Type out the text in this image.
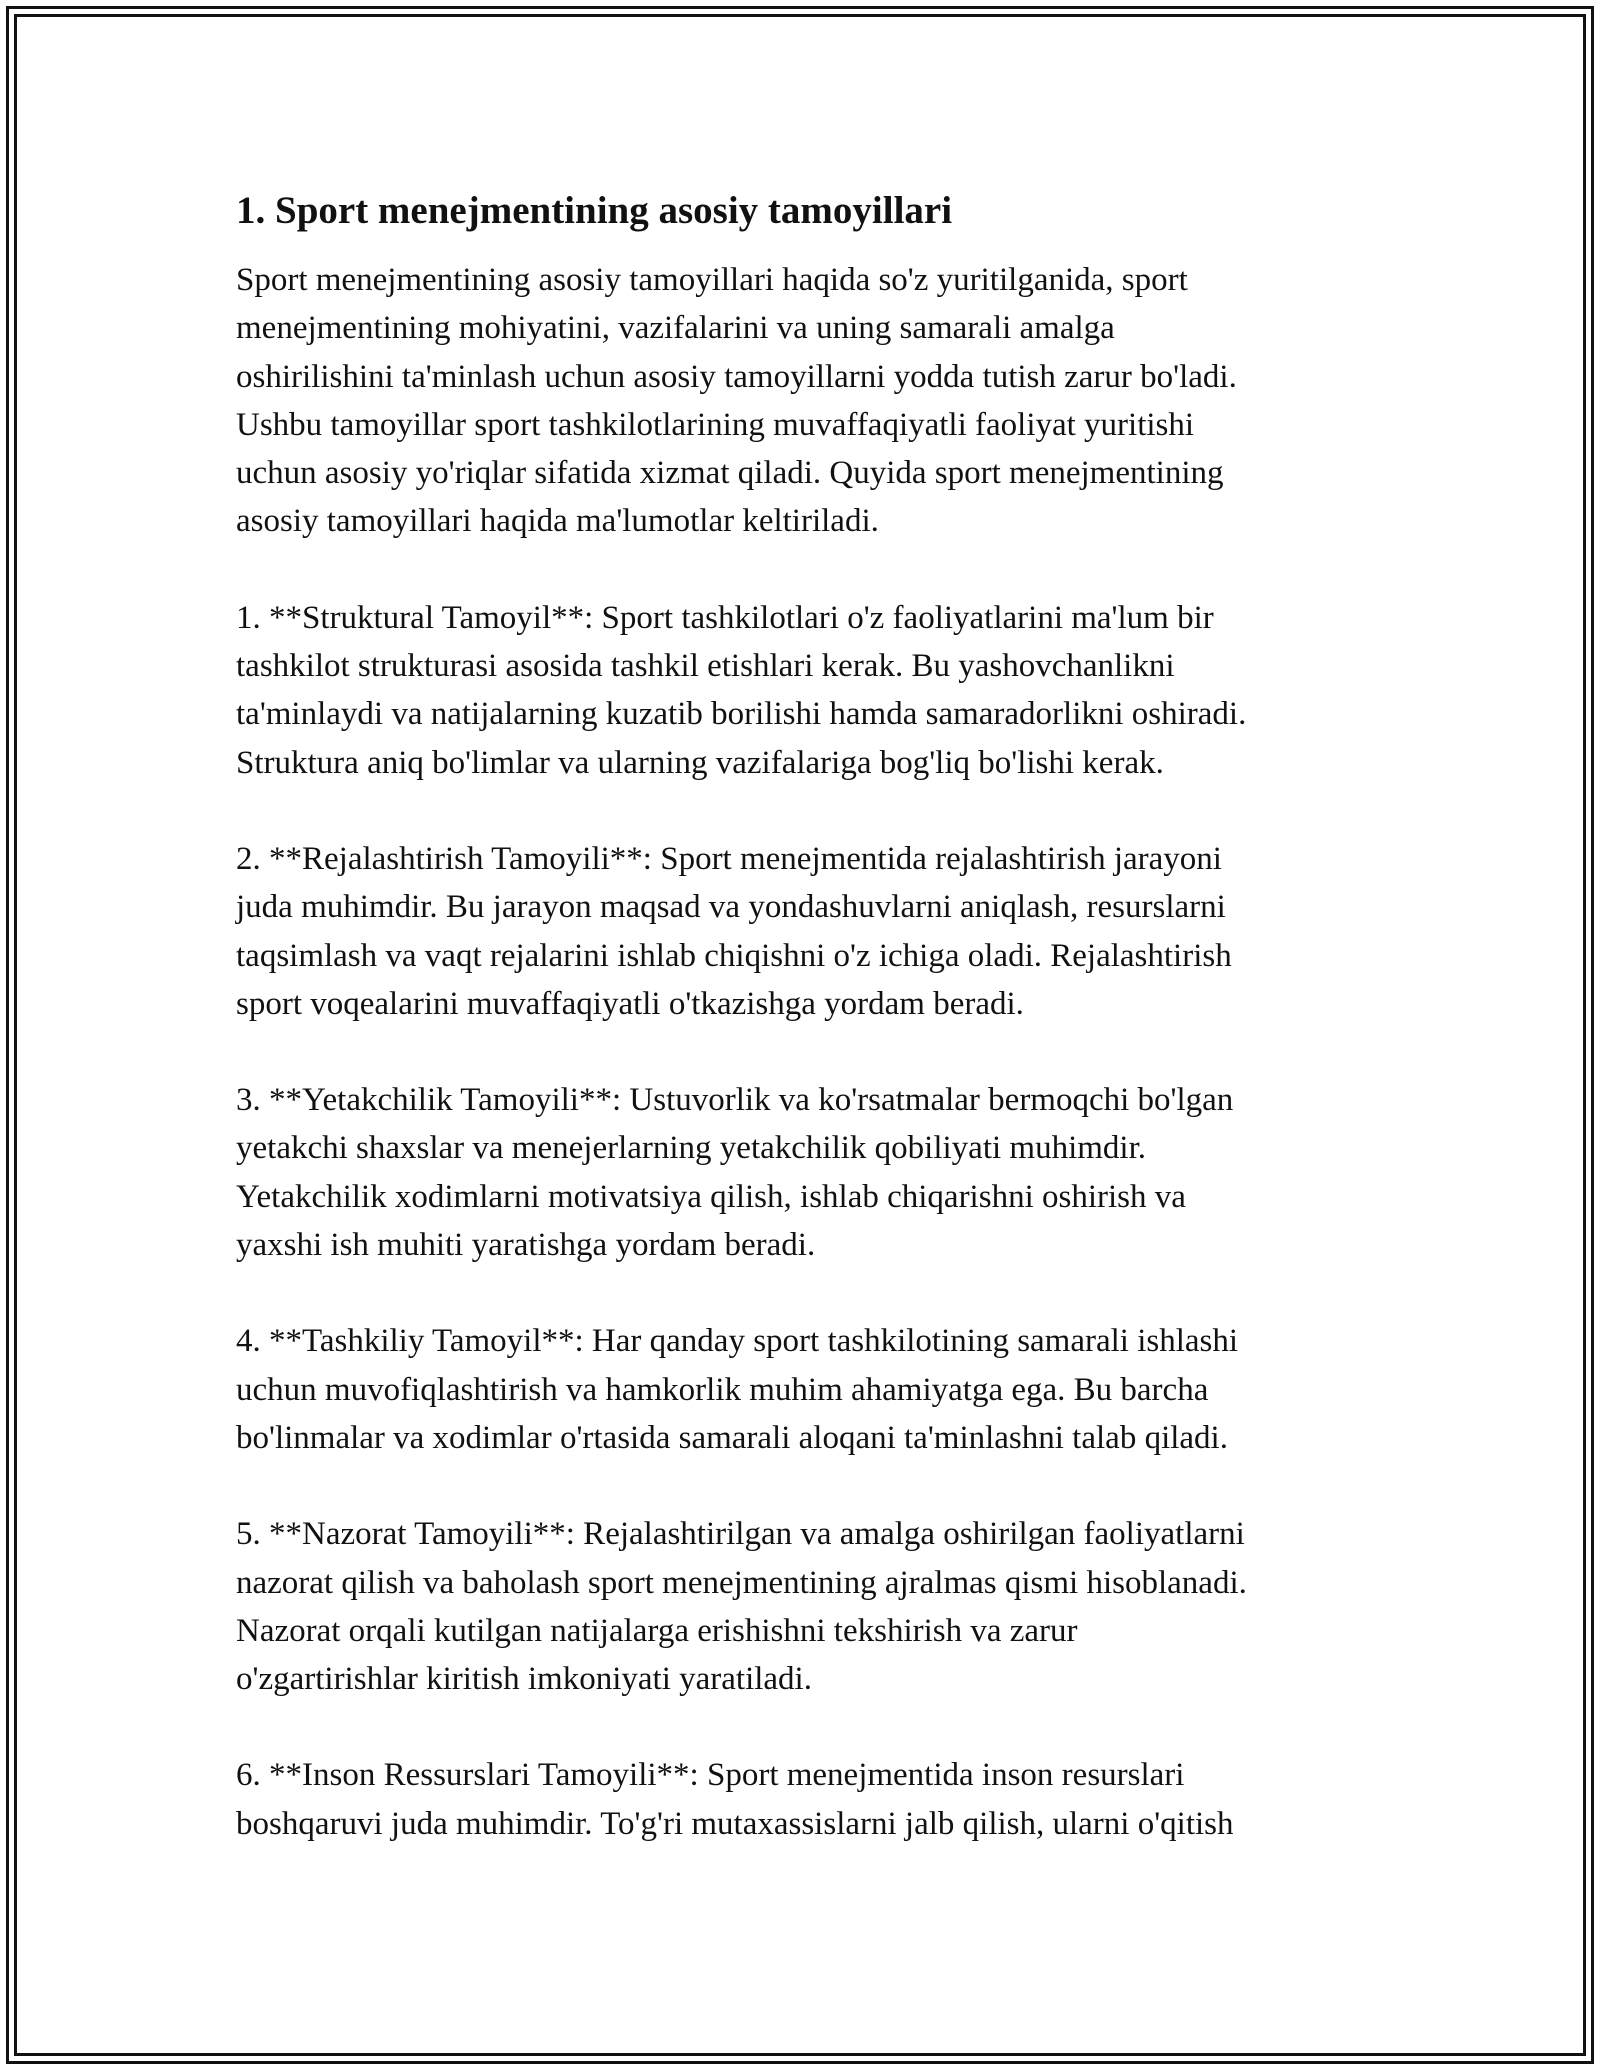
1. Sport menejmentining asosiy tamoyillari
Sport menejmentining asosiy tamoyillari haqida so'z yuritilganida, sport
menejmentining mohiyatini, vazifalarini va uning samarali amalga
oshirilishini ta'minlash uchun asosiy tamoyillarni yodda tutish zarur bo'ladi.
Ushbu tamoyillar sport tashkilotlarining muvaffaqiyatli faoliyat yuritishi
uchun asosiy yo'riqlar sifatida xizmat qiladi. Quyida sport menejmentining
asosiy tamoyillari haqida ma'lumotlar keltiriladi.
1. **Struktural Tamoyil**: Sport tashkilotlari o'z faoliyatlarini ma'lum bir
tashkilot strukturasi asosida tashkil etishlari kerak. Bu yashovchanlikni
ta'minlaydi va natijalarning kuzatib borilishi hamda samaradorlikni oshiradi.
Struktura aniq bo'limlar va ularning vazifalariga bog'liq bo'lishi kerak.
2. **Rejalashtirish Tamoyili**: Sport menejmentida rejalashtirish jarayoni
juda muhimdir. Bu jarayon maqsad va yondashuvlarni aniqlash, resurslarni
taqsimlash va vaqt rejalarini ishlab chiqishni o'z ichiga oladi. Rejalashtirish
sport voqealarini muvaffaqiyatli o'tkazishga yordam beradi.
3. **Yetakchilik Tamoyili**: Ustuvorlik va ko'rsatmalar bermoqchi bo'lgan
yetakchi shaxslar va menejerlarning yetakchilik qobiliyati muhimdir.
Yetakchilik xodimlarni motivatsiya qilish, ishlab chiqarishni oshirish va
yaxshi ish muhiti yaratishga yordam beradi.
4. **Tashkiliy Tamoyil**: Har qanday sport tashkilotining samarali ishlashi
uchun muvofiqlashtirish va hamkorlik muhim ahamiyatga ega. Bu barcha
bo'linmalar va xodimlar o'rtasida samarali aloqani ta'minlashni talab qiladi.
5. **Nazorat Tamoyili**: Rejalashtirilgan va amalga oshirilgan faoliyatlarni
nazorat qilish va baholash sport menejmentining ajralmas qismi hisoblanadi.
Nazorat orqali kutilgan natijalarga erishishni tekshirish va zarur
o'zgartirishlar kiritish imkoniyati yaratiladi.
6. **Inson Ressurslari Tamoyili**: Sport menejmentida inson resurslari
boshqaruvi juda muhimdir. To'g'ri mutaxassislarni jalb qilish, ularni o'qitish
